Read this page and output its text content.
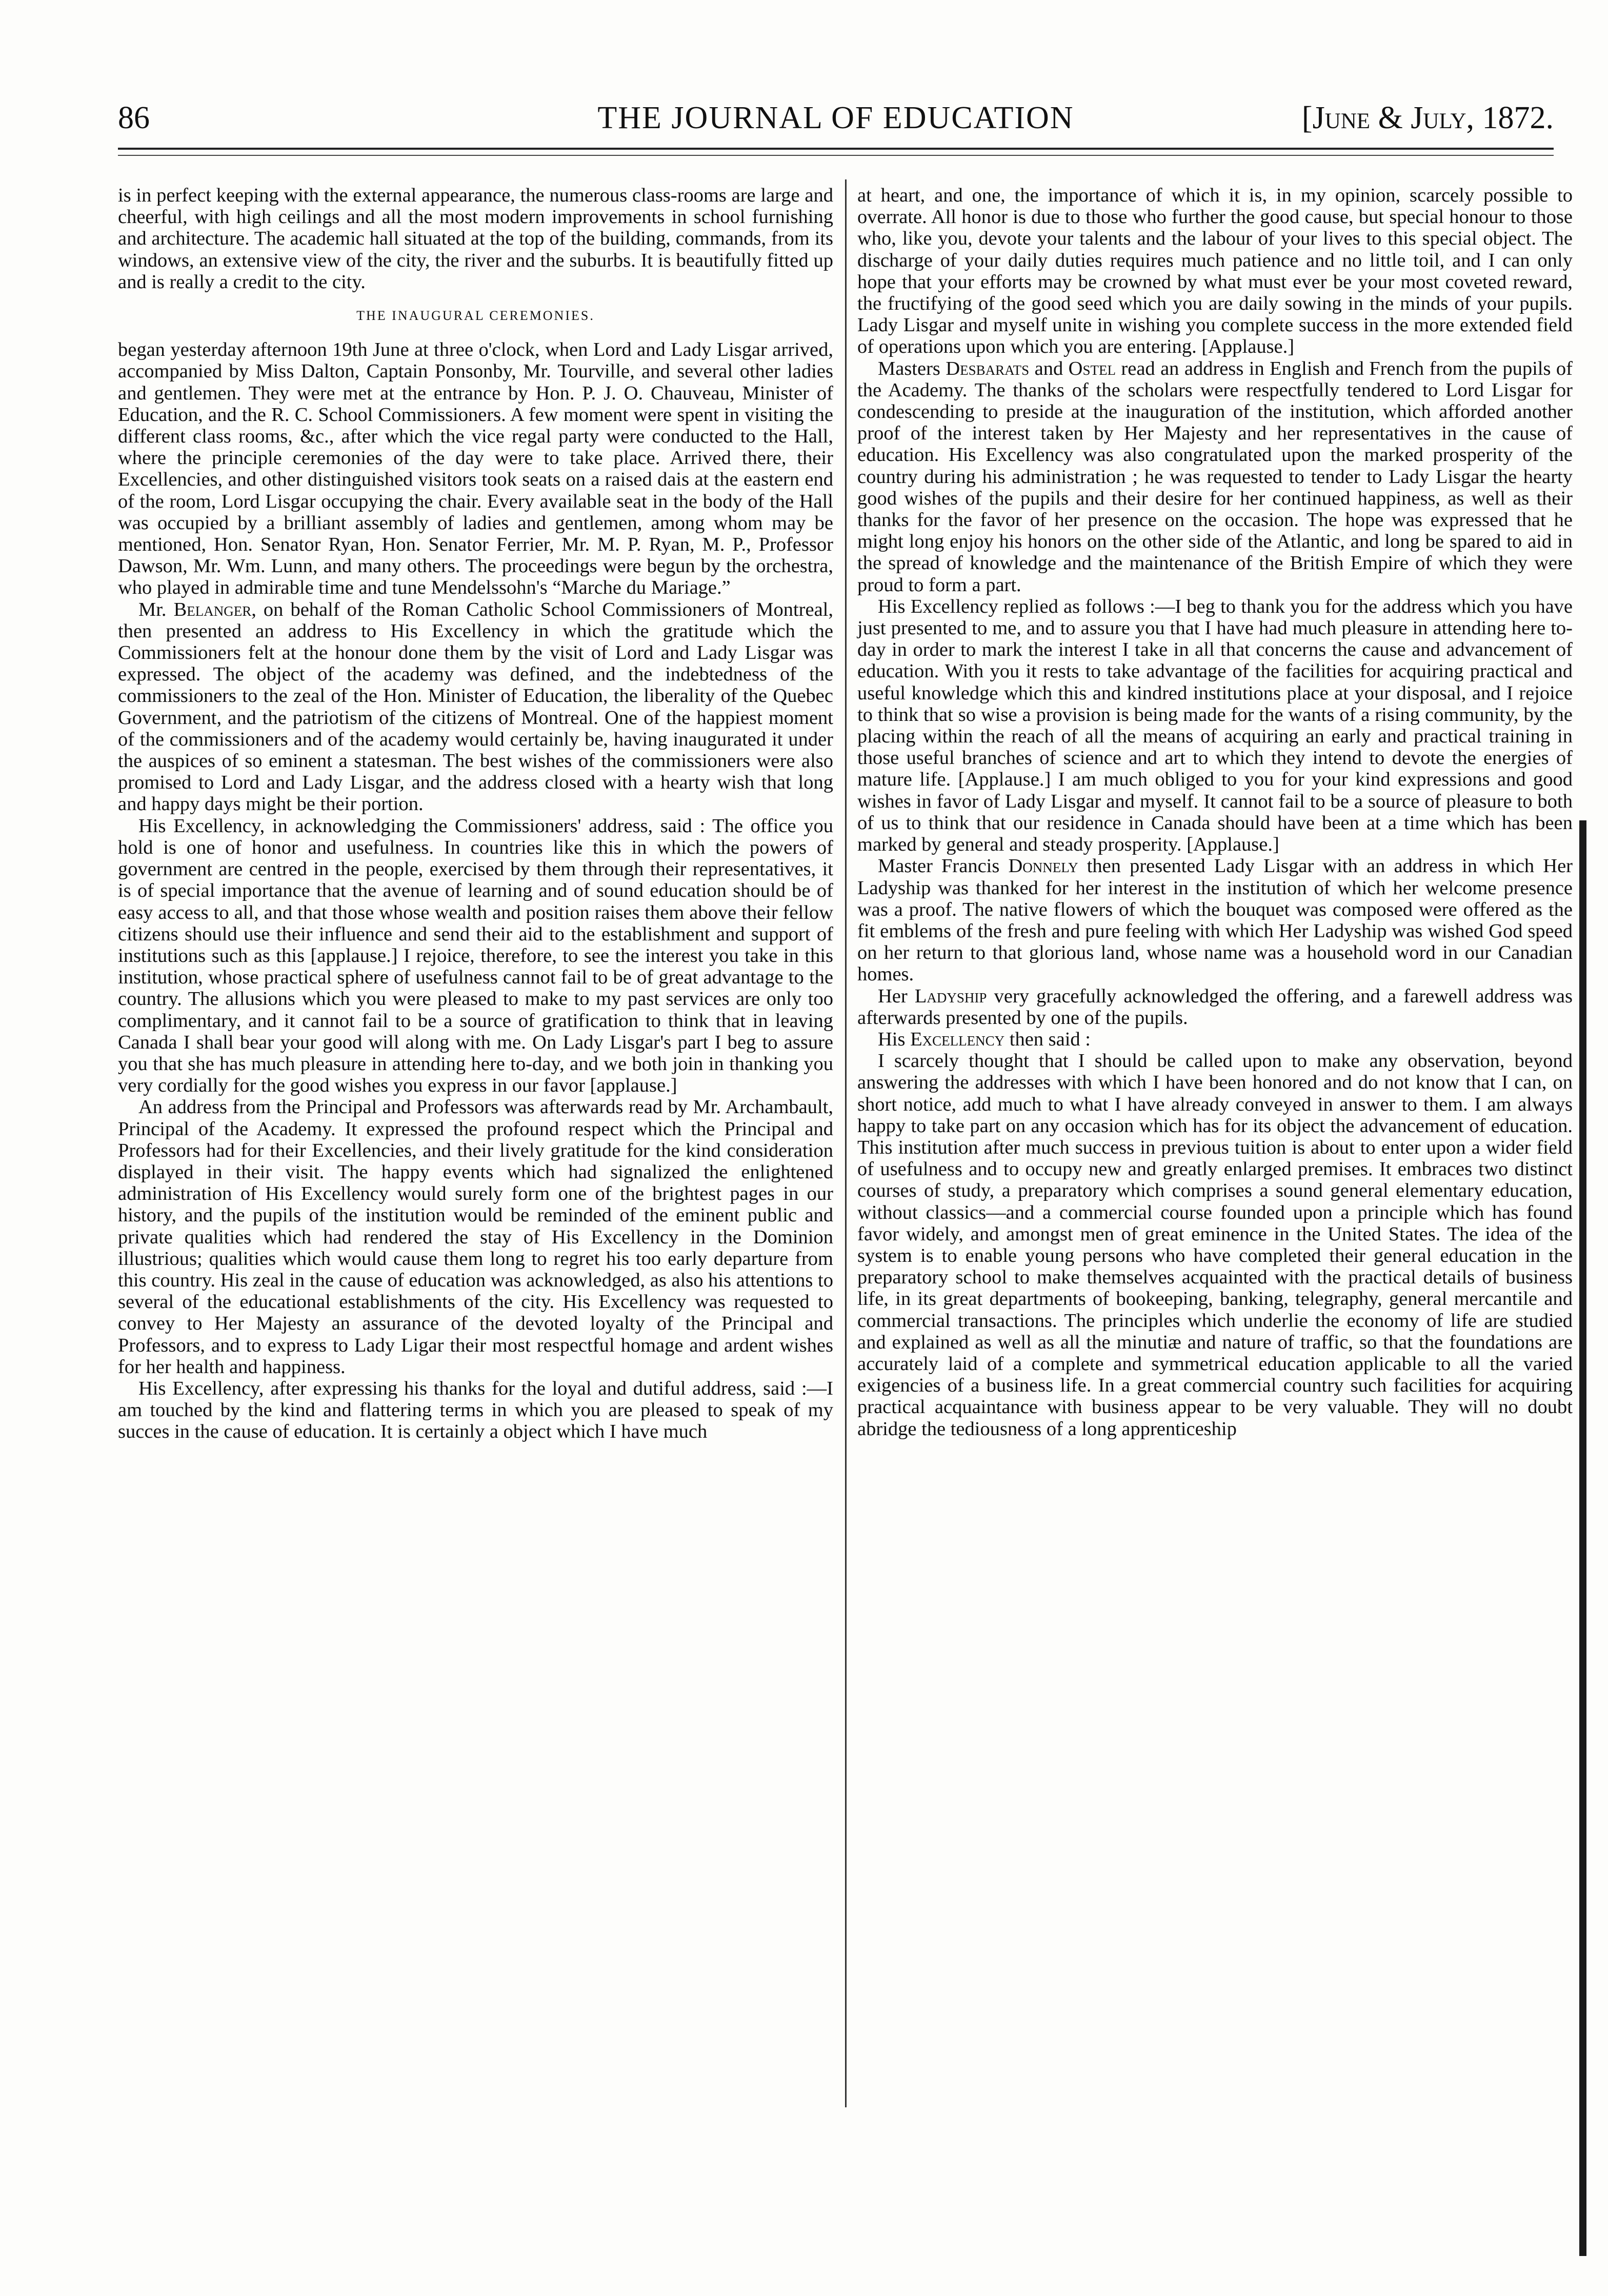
86	THE JOURNAL OF EDUCATION	[June & July, 1872.

is in perfect keeping with the external appearance, the numerous class-rooms are large and cheerful, with high ceilings and all the most modern improvements in school furnishing and architecture. The academic hall situated at the top of the building, commands, from its windows, an extensive view of the city, the river and the suburbs. It is beautifully fitted up and is really a credit to the city.

THE INAUGURAL CEREMONIES.

began yesterday afternoon 19th June at three o'clock, when Lord and Lady Lisgar arrived, accompanied by Miss Dalton, Captain Ponsonby, Mr. Tourville, and several other ladies and gentlemen. They were met at the entrance by Hon. P. J. O. Chauveau, Minister of Education, and the R. C. School Commissioners. A few moment were spent in visiting the different class rooms, &c., after which the vice regal party were conducted to the Hall, where the principle ceremonies of the day were to take place. Arrived there, their Excellencies, and other distinguished visitors took seats on a raised dais at the eastern end of the room, Lord Lisgar occupying the chair. Every available seat in the body of the Hall was occupied by a brilliant assembly of ladies and gentlemen, among whom may be mentioned, Hon. Senator Ryan, Hon. Senator Ferrier, Mr. M. P. Ryan, M. P., Professor Dawson, Mr. Wm. Lunn, and many others. The proceedings were begun by the orchestra, who played in admirable time and tune Mendelssohn's “Marche du Mariage.”

Mr. Belanger, on behalf of the Roman Catholic School Commissioners of Montreal, then presented an address to His Excellency in which the gratitude which the Commissioners felt at the honour done them by the visit of Lord and Lady Lisgar was expressed. The object of the academy was defined, and the indebtedness of the commissioners to the zeal of the Hon. Minister of Education, the liberality of the Quebec Government, and the patriotism of the citizens of Montreal. One of the happiest moment of the commissioners and of the academy would certainly be, having inaugurated it under the auspices of so eminent a statesman. The best wishes of the commissioners were also promised to Lord and Lady Lisgar, and the address closed with a hearty wish that long and happy days might be their portion.

His Excellency, in acknowledging the Commissioners' address, said : The office you hold is one of honor and usefulness. In countries like this in which the powers of government are centred in the people, exercised by them through their representatives, it is of special importance that the avenue of learning and of sound education should be of easy access to all, and that those whose wealth and position raises them above their fellow citizens should use their influence and send their aid to the establishment and support of institutions such as this [applause.] I rejoice, therefore, to see the interest you take in this institution, whose practical sphere of usefulness cannot fail to be of great advantage to the country. The allusions which you were pleased to make to my past services are only too complimentary, and it cannot fail to be a source of gratification to think that in leaving Canada I shall bear your good will along with me. On Lady Lisgar's part I beg to assure you that she has much pleasure in attending here to-day, and we both join in thanking you very cordially for the good wishes you express in our favor [applause.]

An address from the Principal and Professors was afterwards read by Mr. Archambault, Principal of the Academy. It expressed the profound respect which the Principal and Professors had for their Excellencies, and their lively gratitude for the kind consideration displayed in their visit. The happy events which had signalized the enlightened administration of His Excellency would surely form one of the brightest pages in our history, and the pupils of the institution would be reminded of the eminent public and private qualities which had rendered the stay of His Excellency in the Dominion illustrious; qualities which would cause them long to regret his too early departure from this country. His zeal in the cause of education was acknowledged, as also his attentions to several of the educational establishments of the city. His Excellency was requested to convey to Her Majesty an assurance of the devoted loyalty of the Principal and Professors, and to express to Lady Ligar their most respectful homage and ardent wishes for her health and happiness.

His Excellency, after expressing his thanks for the loyal and dutiful address, said :—I am touched by the kind and flattering terms in which you are pleased to speak of my succes in the cause of education. It is certainly a object which I have much

at heart, and one, the importance of which it is, in my opinion, scarcely possible to overrate. All honor is due to those who further the good cause, but special honour to those who, like you, devote your talents and the labour of your lives to this special object. The discharge of your daily duties requires much patience and no little toil, and I can only hope that your efforts may be crowned by what must ever be your most coveted reward, the fructifying of the good seed which you are daily sowing in the minds of your pupils. Lady Lisgar and myself unite in wishing you complete success in the more extended field of operations upon which you are entering. [Applause.]

Masters Desbarats and Ostel read an address in English and French from the pupils of the Academy. The thanks of the scholars were respectfully tendered to Lord Lisgar for condescending to preside at the inauguration of the institution, which afforded another proof of the interest taken by Her Majesty and her representatives in the cause of education. His Excellency was also congratulated upon the marked prosperity of the country during his administration ; he was requested to tender to Lady Lisgar the hearty good wishes of the pupils and their desire for her continued happiness, as well as their thanks for the favor of her presence on the occasion. The hope was expressed that he might long enjoy his honors on the other side of the Atlantic, and long be spared to aid in the spread of knowledge and the maintenance of the British Empire of which they were proud to form a part.

His Excellency replied as follows :—I beg to thank you for the address which you have just presented to me, and to assure you that I have had much pleasure in attending here to-day in order to mark the interest I take in all that concerns the cause and advancement of education. With you it rests to take advantage of the facilities for acquiring practical and useful knowledge which this and kindred institutions place at your disposal, and I rejoice to think that so wise a provision is being made for the wants of a rising community, by the placing within the reach of all the means of acquiring an early and practical training in those useful branches of science and art to which they intend to devote the energies of mature life. [Applause.] I am much obliged to you for your kind expressions and good wishes in favor of Lady Lisgar and myself. It cannot fail to be a source of pleasure to both of us to think that our residence in Canada should have been at a time which has been marked by general and steady prosperity. [Applause.]

Master Francis Donnely then presented Lady Lisgar with an address in which Her Ladyship was thanked for her interest in the institution of which her welcome presence was a proof. The native flowers of which the bouquet was composed were offered as the fit emblems of the fresh and pure feeling with which Her Ladyship was wished God speed on her return to that glorious land, whose name was a household word in our Canadian homes.

Her Ladyship very gracefully acknowledged the offering, and a farewell address was afterwards presented by one of the pupils.

His Excellency then said :

I scarcely thought that I should be called upon to make any observation, beyond answering the addresses with which I have been honored and do not know that I can, on short notice, add much to what I have already conveyed in answer to them. I am always happy to take part on any occasion which has for its object the advancement of education. This institution after much success in previous tuition is about to enter upon a wider field of usefulness and to occupy new and greatly enlarged premises. It embraces two distinct courses of study, a preparatory which comprises a sound general elementary education, without classics—and a commercial course founded upon a principle which has found favor widely, and amongst men of great eminence in the United States. The idea of the system is to enable young persons who have completed their general education in the preparatory school to make themselves acquainted with the practical details of business life, in its great departments of bookeeping, banking, telegraphy, general mercantile and commercial transactions. The principles which underlie the economy of life are studied and explained as well as all the minutiæ and nature of traffic, so that the foundations are accurately laid of a complete and symmetrical education applicable to all the varied exigencies of a business life. In a great commercial country such facilities for acquiring practical acquaintance with business appear to be very valuable. They will no doubt abridge the tediousness of a long apprenticeship
